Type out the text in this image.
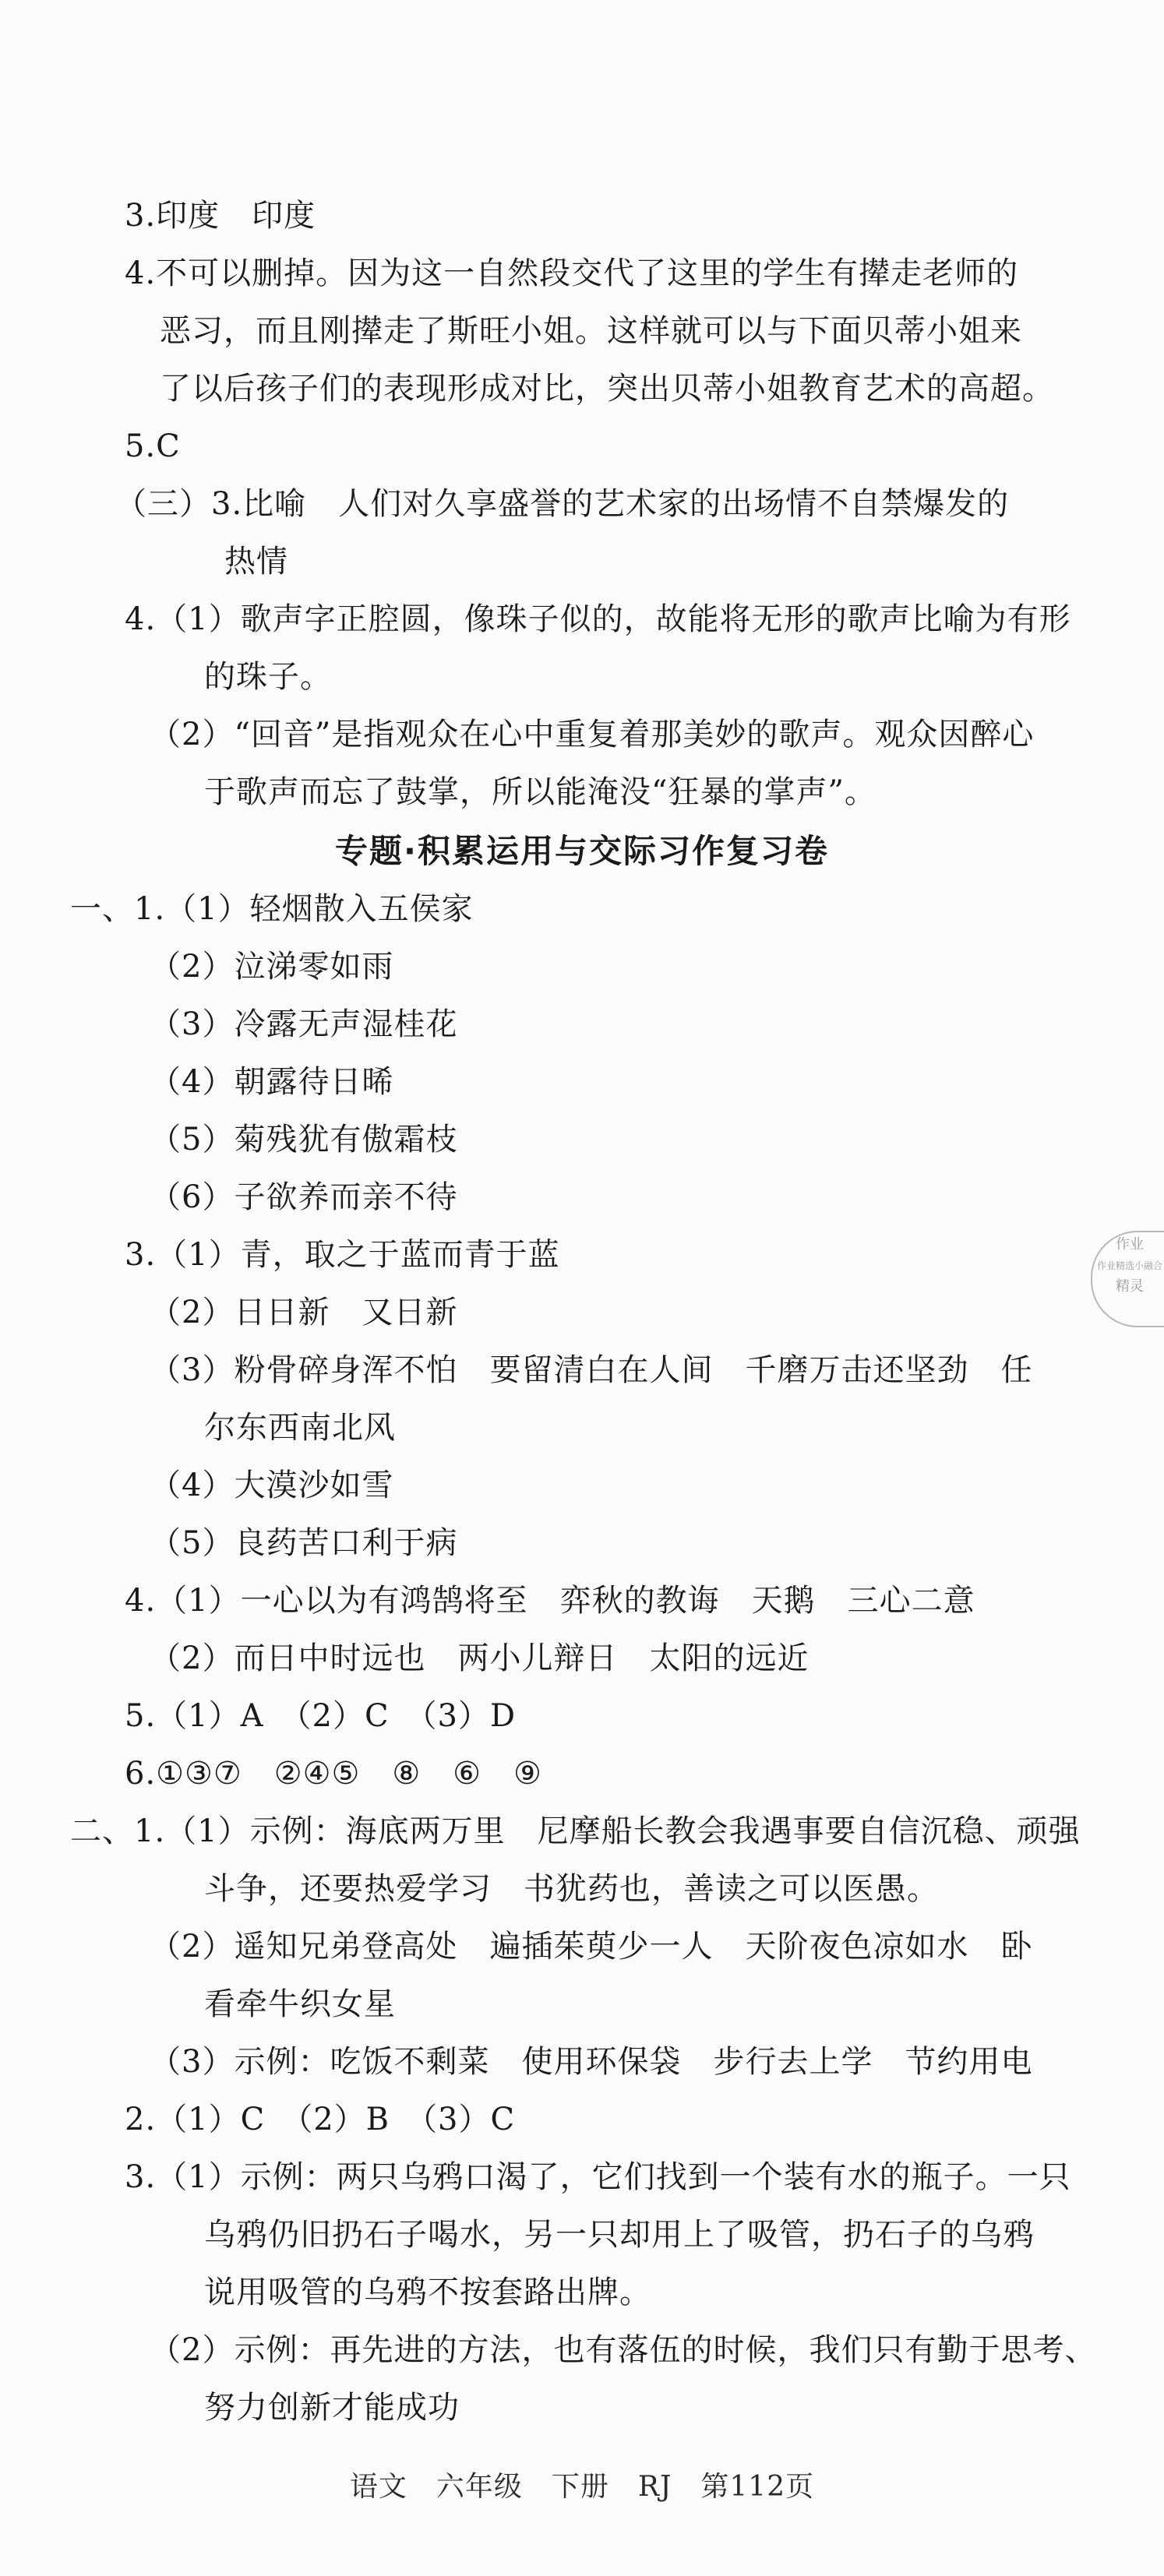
3.印度　印度
4.不可以删掉。因为这一自然段交代了这里的学生有撵走老师的
恶习，而且刚撵走了斯旺小姐。这样就可以与下面贝蒂小姐来
了以后孩子们的表现形成对比，突出贝蒂小姐教育艺术的高超。
5.C
（三）3.比喻　人们对久享盛誉的艺术家的出场情不自禁爆发的
热情
4.（1）歌声字正腔圆，像珠子似的，故能将无形的歌声比喻为有形
的珠子。
（2）“回音”是指观众在心中重复着那美妙的歌声。观众因醉心
于歌声而忘了鼓掌，所以能淹没“狂暴的掌声”。
专题·积累运用与交际习作复习卷
一、1.（1）轻烟散入五侯家
（2）泣涕零如雨
（3）冷露无声湿桂花
（4）朝露待日晞
（5）菊残犹有傲霜枝
（6）子欲养而亲不待
3.（1）青，取之于蓝而青于蓝
（2）日日新　又日新
（3）粉骨碎身浑不怕　要留清白在人间　千磨万击还坚劲　任
尔东西南北风
（4）大漠沙如雪
（5）良药苦口利于病
4.（1）一心以为有鸿鹄将至　弈秋的教诲　天鹅　三心二意
（2）而日中时远也　两小儿辩日　太阳的远近
5.（1）A　（2）C　（3）D
6.①③⑦　②④⑤　⑧　⑥　⑨
二、1.（1）示例：海底两万里　尼摩船长教会我遇事要自信沉稳、顽强
斗争，还要热爱学习　书犹药也，善读之可以医愚。
（2）遥知兄弟登高处　遍插茱萸少一人　天阶夜色凉如水　卧
看牵牛织女星
（3）示例：吃饭不剩菜　使用环保袋　步行去上学　节约用电
2.（1）C　（2）B　（3）C
3.（1）示例：两只乌鸦口渴了，它们找到一个装有水的瓶子。一只
乌鸦仍旧扔石子喝水，另一只却用上了吸管，扔石子的乌鸦
说用吸管的乌鸦不按套路出牌。
（2）示例：再先进的方法，也有落伍的时候，我们只有勤于思考、
努力创新才能成功
语文　六年级　下册　RJ　第112页
作业
作业精选小融合
精灵
